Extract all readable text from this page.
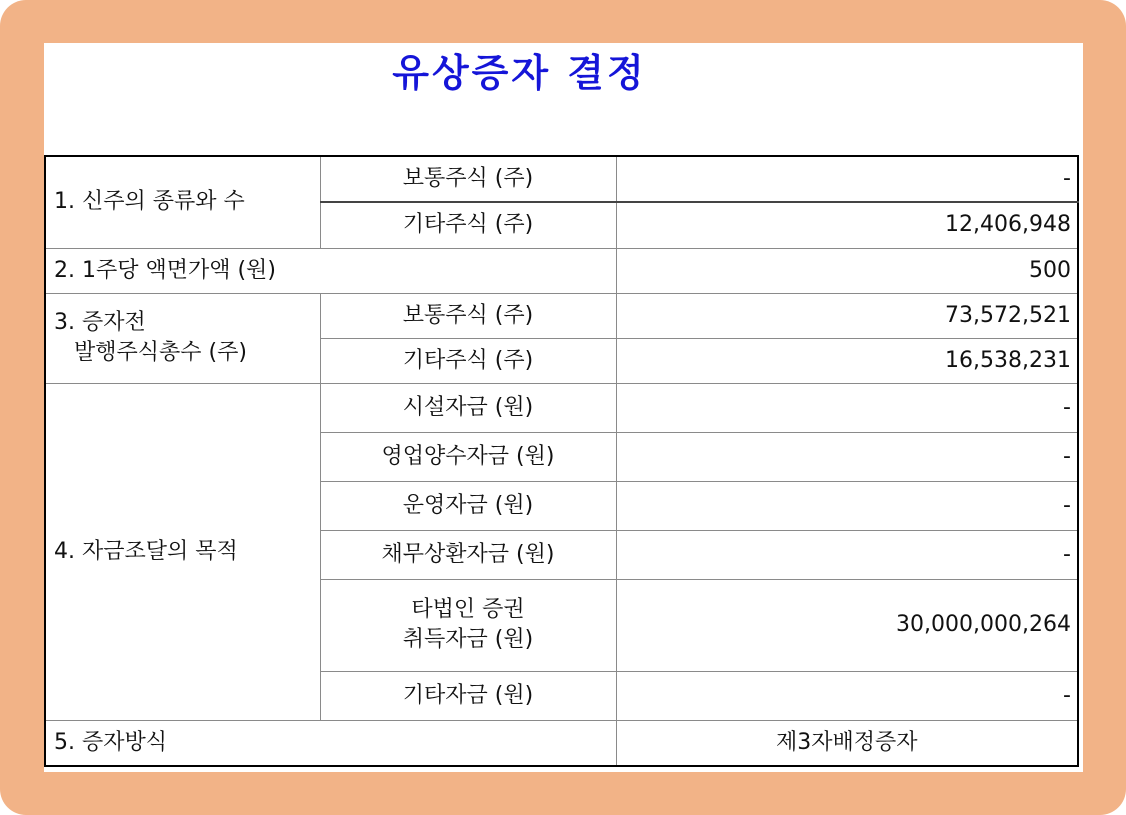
유상증자 결정
1. 신주의 종류와 수	보통주식 (주)	-
	기타주식 (주)	12,406,948
2. 1주당 액면가액 (원)		500

3. 증자전
발행주식총수 (주)	보통주식 (주)	73,572,521
	기타주식 (주)	16,538,231
4. 자금조달의 목적	시설자금 (원)	-
	영업양수자금 (원)	-
	운영자금 (원)	-
	채무상환자금 (원)	-

	타법인 증권
취득자금 (원)	30,000,000,264
	기타자금 (원)	-
5. 증자방식		제3자배정증자
